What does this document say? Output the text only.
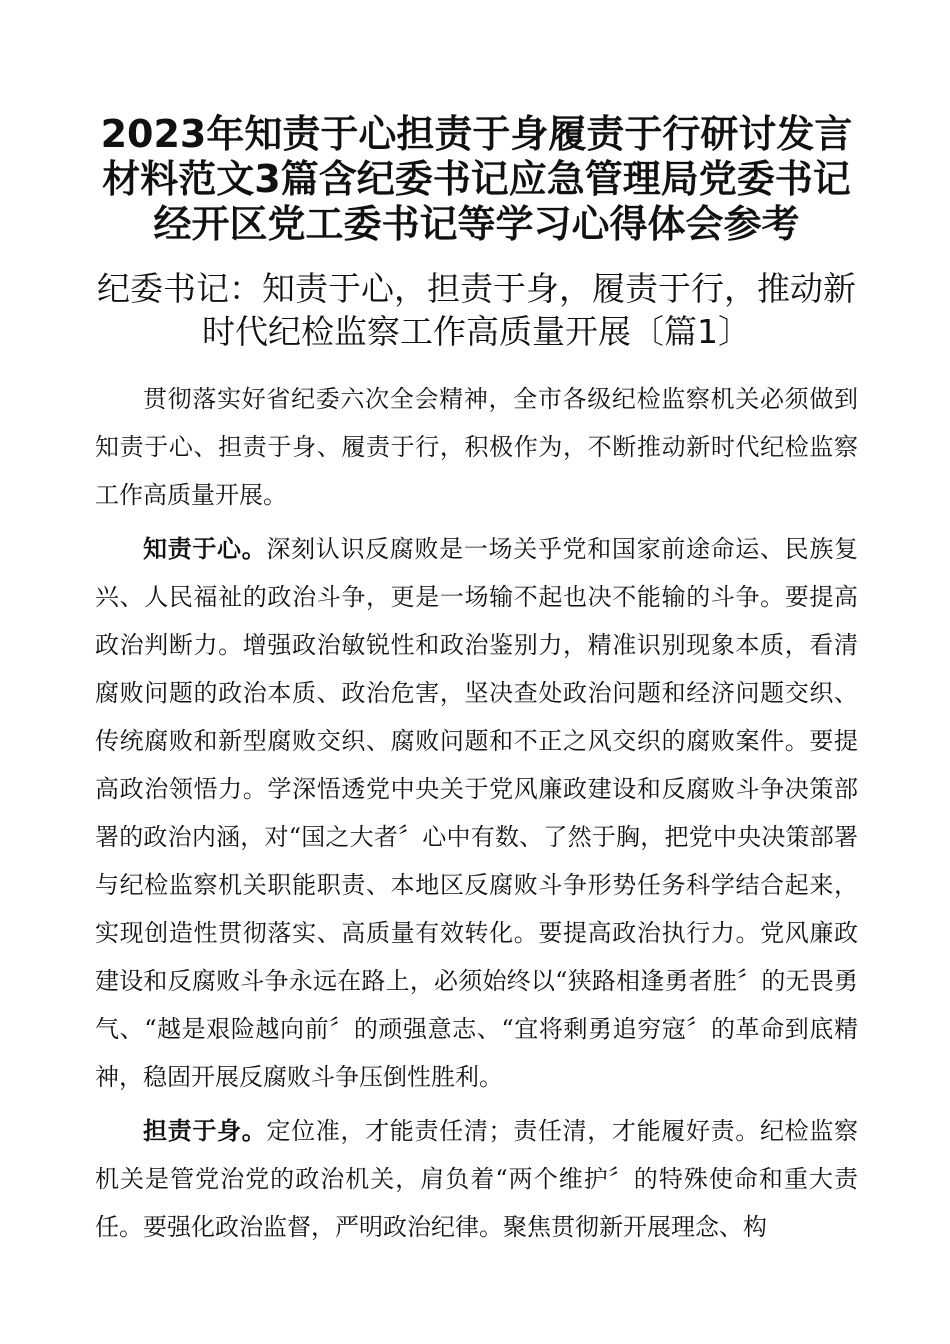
2023年知责于心担责于身履责于行研讨发言材料范文3篇含纪委书记应急管理局党委书记经开区党工委书记等学习心得体会参考
纪委书记：知责于心，担责于身，履责于行，推动新时代纪检监察工作高质量开展〔篇1〕

贯彻落实好省纪委六次全会精神，全市各级纪检监察机关必须做到知责于心、担责于身、履责于行，积极作为，不断推动新时代纪检监察工作高质量开展。

知责于心。深刻认识反腐败是一场关乎党和国家前途命运、民族复兴、人民福祉的政治斗争，更是一场输不起也决不能输的斗争。要提高政治判断力。增强政治敏锐性和政治鉴别力，精准识别现象本质，看清腐败问题的政治本质、政治危害，坚决查处政治问题和经济问题交织、传统腐败和新型腐败交织、腐败问题和不正之风交织的腐败案件。要提高政治领悟力。学深悟透党中央关于党风廉政建设和反腐败斗争决策部署的政治内涵，对“国之大者〞心中有数、了然于胸，把党中央决策部署与纪检监察机关职能职责、本地区反腐败斗争形势任务科学结合起来，实现创造性贯彻落实、高质量有效转化。要提高政治执行力。党风廉政建设和反腐败斗争永远在路上，必须始终以“狭路相逢勇者胜〞的无畏勇气、“越是艰险越向前〞的顽强意志、“宜将剩勇追穷寇〞的革命到底精神，稳固开展反腐败斗争压倒性胜利。

担责于身。定位准，才能责任清；责任清，才能履好责。纪检监察机关是管党治党的政治机关，肩负着“两个维护〞的特殊使命和重大责任。要强化政治监督，严明政治纪律。聚焦贯彻新开展理念、构
